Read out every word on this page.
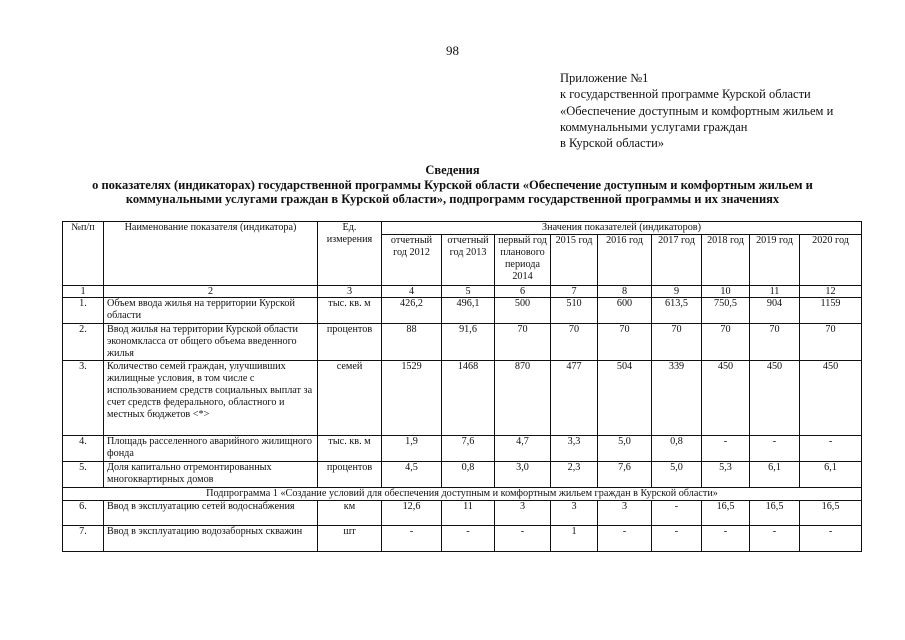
98
Приложение №1
к государственной программе Курской области
«Обеспечение доступным и комфортным жильем и
коммунальными услугами граждан
в Курской области»
Сведения
о показателях (индикаторах) государственной программы Курской области «Обеспечение доступным и комфортным жильем и
коммунальными услугами граждан в Курской области», подпрограмм государственной программы и их значениях
№п/п	Наименование показателя (индикатора)	Ед. измерения	Значения показателей (индикаторов)								
			отчетный год 2012	отчетный год 2013	первый год планового периода 2014	2015 год	2016 год	2017 год	2018 год	2019 год	2020 год
1	2	3	4	5	6	7	8	9	10	11	12
1.	Объем ввода жилья на территории Курской области	тыс. кв. м	426,2	496,1	500	510	600	613,5	750,5	904	1159
2.	Ввод жилья на территории Курской области экономкласса от общего объема введенного жилья	процентов	88	91,6	70	70	70	70	70	70	70
3.	Количество семей граждан, улучшивших жилищные условия, в том числе с использованием средств социальных выплат за счет средств федерального, областного и местных бюджетов <*>	семей	1529	1468	870	477	504	339	450	450	450
4.	Площадь расселенного аварийного жилищного фонда	тыс. кв. м	1,9	7,6	4,7	3,3	5,0	0,8	-	-	-
5.	Доля капитально отремонтированных многоквартирных домов	процентов	4,5	0,8	3,0	2,3	7,6	5,0	5,3	6,1	6,1
Подпрограмма 1 «Создание условий для обеспечения доступным и комфортным жильем граждан в Курской области»											
6.	Ввод в эксплуатацию сетей водоснабжения	км	12,6	11	3	3	3	-	16,5	16,5	16,5
7.	Ввод в эксплуатацию водозаборных скважин	шт	-	-	-	1	-	-	-	-	-
